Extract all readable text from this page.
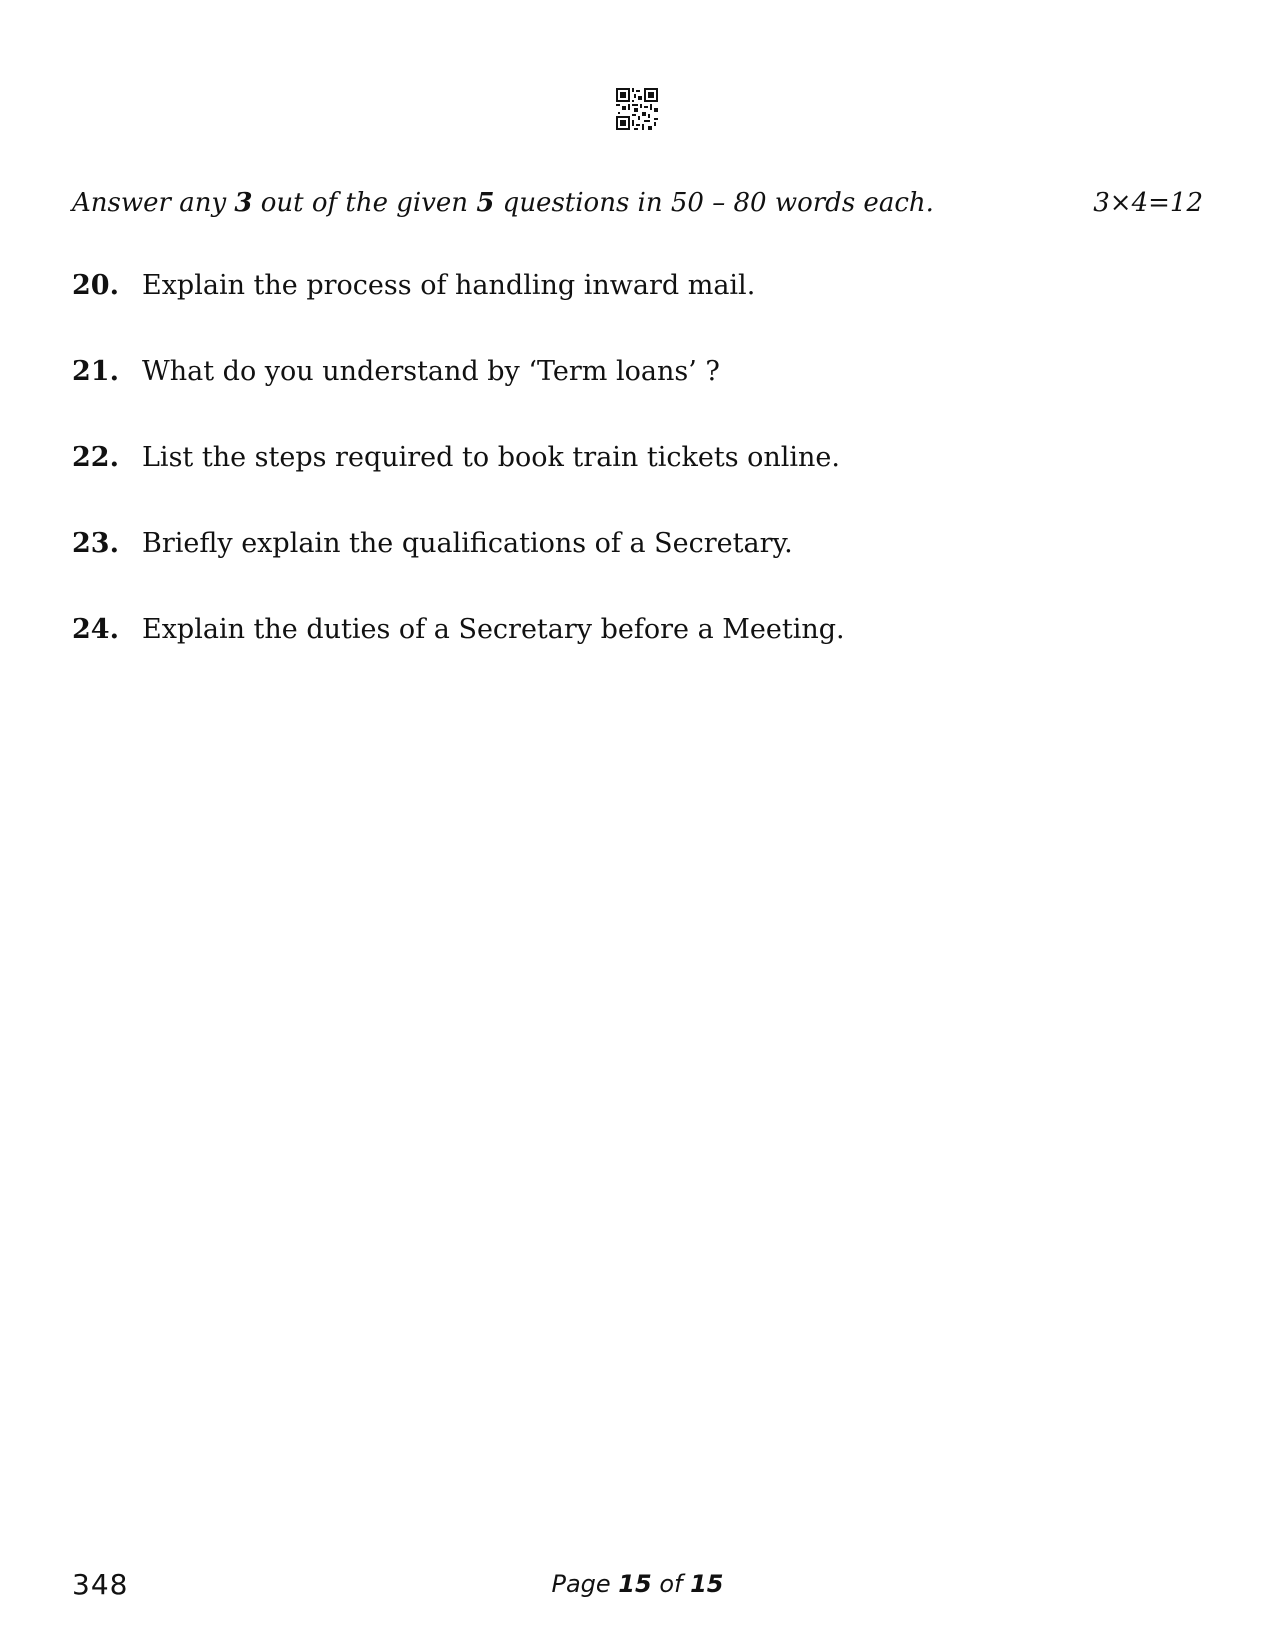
Answer any 3 out of the given 5 questions in 50 – 80 words each.	3×4=12
20. Explain the process of handling inward mail.
21. What do you understand by ‘Term loans’ ?
22. List the steps required to book train tickets online.
23. Briefly explain the qualifications of a Secretary.
24. Explain the duties of a Secretary before a Meeting.
348	Page 15 of 15
